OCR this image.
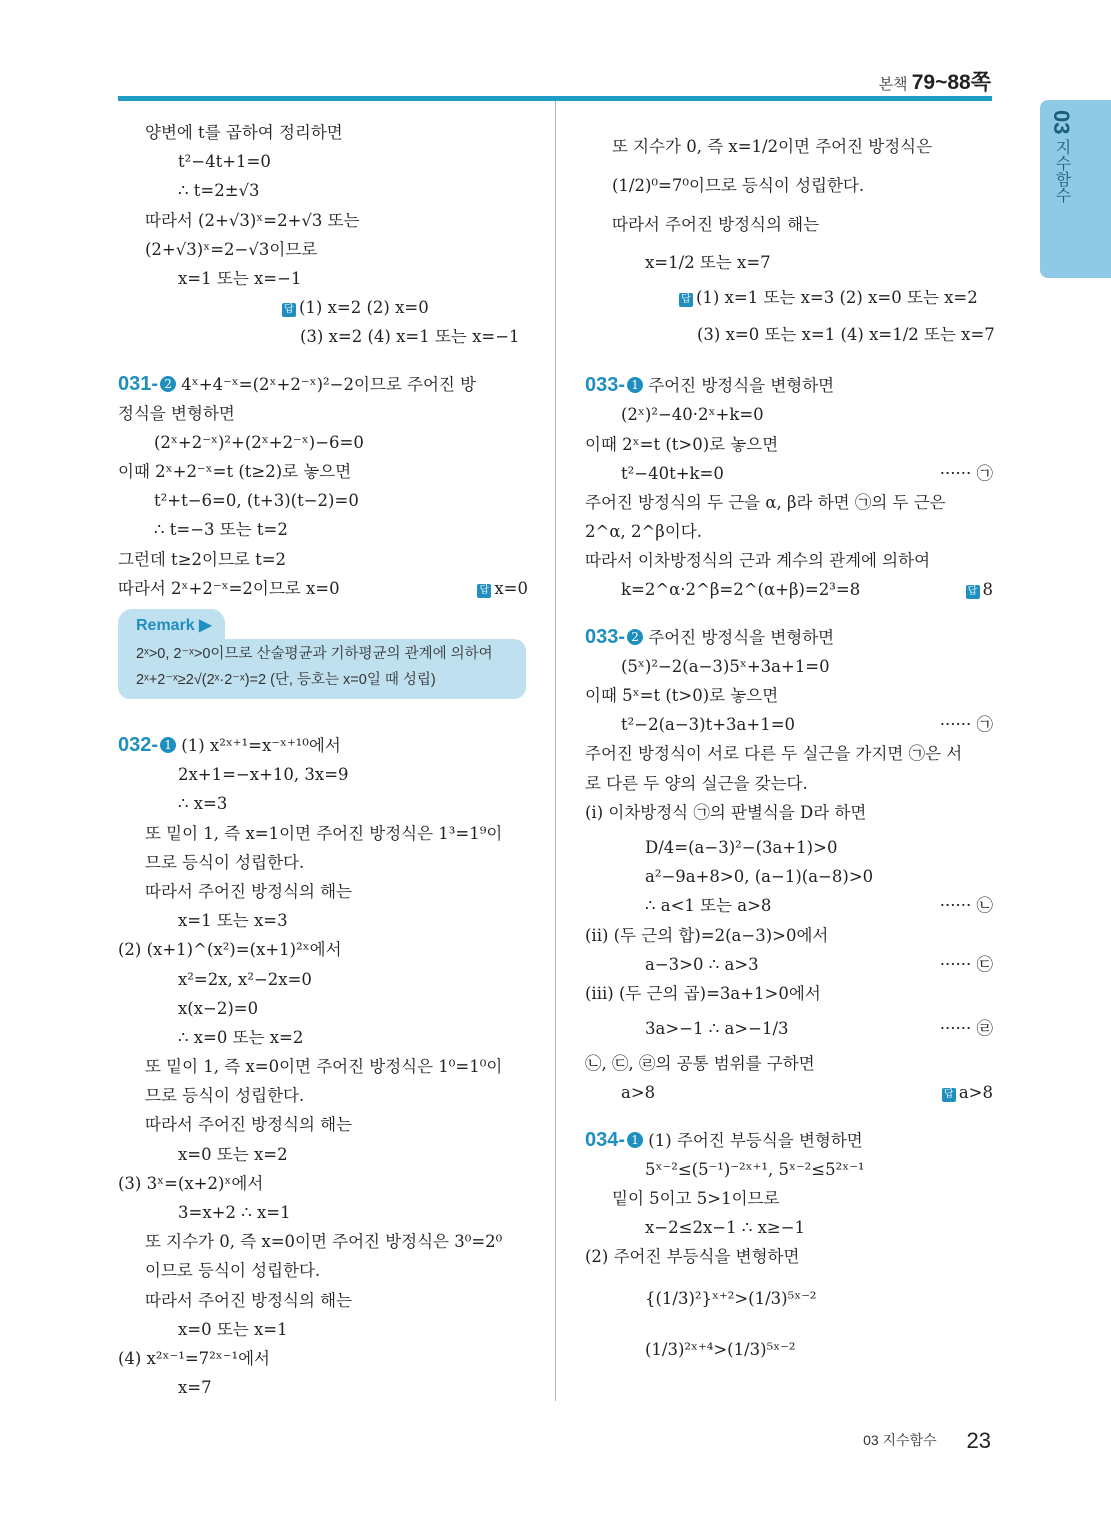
본책 79~88쪽
03 지수함수
양변에 t를 곱하여 정리하면
t²−4t+1=0
∴ t=2±√3
따라서 (2+√3)ˣ=2+√3 또는
(2+√3)ˣ=2−√3이므로
x=1 또는 x=−1
답 (1) x=2 (2) x=0
(3) x=2 (4) x=1 또는 x=−1
031- 2 4ˣ+4⁻ˣ=(2ˣ+2⁻ˣ)²−2이므로 주어진 방
정식을 변형하면
(2ˣ+2⁻ˣ)²+(2ˣ+2⁻ˣ)−6=0
이때 2ˣ+2⁻ˣ=t (t≥2)로 놓으면
t²+t−6=0, (t+3)(t−2)=0
∴ t=−3 또는 t=2
그런데 t≥2이므로 t=2
따라서 2ˣ+2⁻ˣ=2이므로 x=0	답 x=0
Remark ▶
2ˣ>0, 2⁻ˣ>0이므로 산술평균과 기하평균의 관계에 의하여
2ˣ+2⁻ˣ≥2√(2ˣ·2⁻ˣ)=2 (단, 등호는 x=0일 때 성립)
032- 1 (1) x²ˣ⁺¹=x⁻ˣ⁺¹⁰에서
2x+1=−x+10, 3x=9
∴ x=3
또 밑이 1, 즉 x=1이면 주어진 방정식은 1³=1⁹이
므로 등식이 성립한다.
따라서 주어진 방정식의 해는
x=1 또는 x=3
(2) (x+1)^(x²)=(x+1)²ˣ에서
x²=2x, x²−2x=0
x(x−2)=0
∴ x=0 또는 x=2
또 밑이 1, 즉 x=0이면 주어진 방정식은 1⁰=1⁰이
므로 등식이 성립한다.
따라서 주어진 방정식의 해는
x=0 또는 x=2
(3) 3ˣ=(x+2)ˣ에서
3=x+2 ∴ x=1
또 지수가 0, 즉 x=0이면 주어진 방정식은 3⁰=2⁰
이므로 등식이 성립한다.
따라서 주어진 방정식의 해는
x=0 또는 x=1
(4) x²ˣ⁻¹=7²ˣ⁻¹에서
x=7
또 지수가 0, 즉 x=1/2이면 주어진 방정식은
(1/2)⁰=7⁰이므로 등식이 성립한다.
따라서 주어진 방정식의 해는
x=1/2 또는 x=7
답 (1) x=1 또는 x=3 (2) x=0 또는 x=2
(3) x=0 또는 x=1 (4) x=1/2 또는 x=7
033- 1 주어진 방정식을 변형하면
(2ˣ)²−40·2ˣ+k=0
이때 2ˣ=t (t>0)로 놓으면
t²−40t+k=0	······ ㉠
주어진 방정식의 두 근을 α, β라 하면 ㉠의 두 근은
2^α, 2^β이다.
따라서 이차방정식의 근과 계수의 관계에 의하여
k=2^α·2^β=2^(α+β)=2³=8	답 8
033- 2 주어진 방정식을 변형하면
(5ˣ)²−2(a−3)5ˣ+3a+1=0
이때 5ˣ=t (t>0)로 놓으면
t²−2(a−3)t+3a+1=0	······ ㉠
주어진 방정식이 서로 다른 두 실근을 가지면 ㉠은 서
로 다른 두 양의 실근을 갖는다.
(i) 이차방정식 ㉠의 판별식을 D라 하면
D/4=(a−3)²−(3a+1)>0
a²−9a+8>0, (a−1)(a−8)>0
∴ a<1 또는 a>8	······ ㉡
(ii) (두 근의 합)=2(a−3)>0에서
a−3>0 ∴ a>3	······ ㉢
(iii) (두 근의 곱)=3a+1>0에서
3a>−1 ∴ a>−1/3	······ ㉣
㉡, ㉢, ㉣의 공통 범위를 구하면
a>8	답 a>8
034- 1 (1) 주어진 부등식을 변형하면
5ˣ⁻²≤(5⁻¹)⁻²ˣ⁺¹, 5ˣ⁻²≤5²ˣ⁻¹
밑이 5이고 5>1이므로
x−2≤2x−1 ∴ x≥−1
(2) 주어진 부등식을 변형하면
{(1/3)²}ˣ⁺²>(1/3)⁵ˣ⁻²
(1/3)²ˣ⁺⁴>(1/3)⁵ˣ⁻²
03 지수함수 23
